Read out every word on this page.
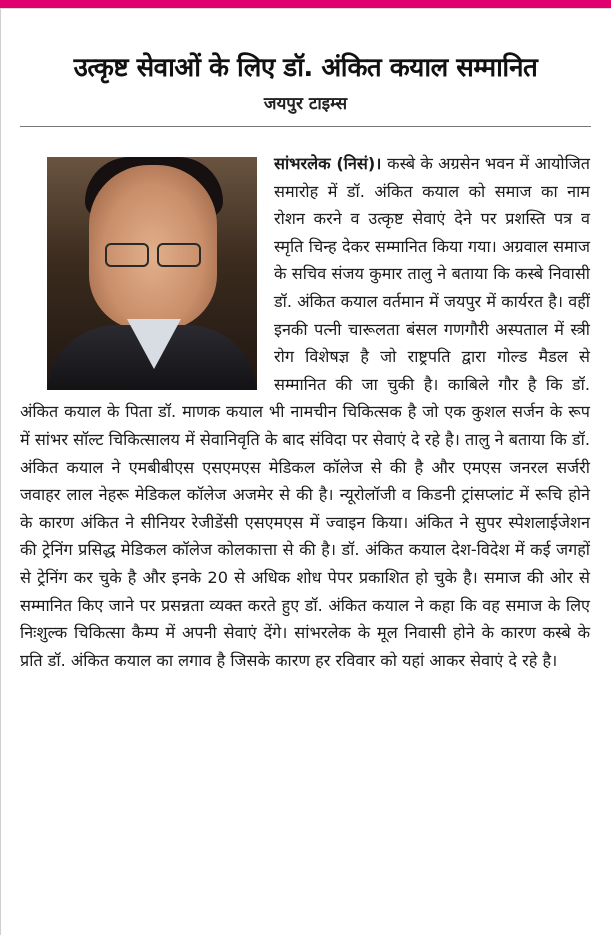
उत्कृष्ट सेवाओं के लिए डॉ. अंकित कयाल सम्मानित
जयपुर टाइम्स

सांभरलेक (निसं)। कस्बे के अग्रसेन भवन में आयोजित समारोह में डॉ. अंकित कयाल को समाज का नाम रोशन करने व उत्कृष्ट सेवाएं देने पर प्रशस्ति पत्र व स्मृति चिन्ह देकर सम्मानित किया गया। अग्रवाल समाज के सचिव संजय कुमार तालु ने बताया कि कस्बे निवासी डॉ. अंकित कयाल वर्तमान में जयपुर में कार्यरत है। वहीं इनकी पत्नी चारूलता बंसल गणगौरी अस्पताल में स्त्री रोग विशेषज्ञ है जो राष्ट्रपति द्वारा गोल्ड मैडल से सम्मानित की जा चुकी है। काबिले गौर है कि डॉ. अंकित कयाल के पिता डॉ. माणक कयाल भी नामचीन चिकित्सक है जो एक कुशल सर्जन के रूप में सांभर सॉल्ट चिकित्सालय में सेवानिवृति के बाद संविदा पर सेवाएं दे रहे है। तालु ने बताया कि डॉ. अंकित कयाल ने एमबीबीएस एसएमएस मेडिकल कॉलेज से की है और एमएस जनरल सर्जरी जवाहर लाल नेहरू मेडिकल कॉलेज अजमेर से की है। न्यूरोलॉजी व किडनी ट्रांसप्लांट में रूचि होने के कारण अंकित ने सीनियर रेजीडेंसी एसएमएस में ज्वाइन किया। अंकित ने सुपर स्पेशलाईजेशन की ट्रेनिंग प्रसिद्ध मेडिकल कॉलेज कोलकात्ता से की है। डॉ. अंकित कयाल देश-विदेश में कई जगहों से ट्रेनिंग कर चुके है और इनके 20 से अधिक शोध पेपर प्रकाशित हो चुके है। समाज की ओर से सम्मानित किए जाने पर प्रसन्नता व्यक्त करते हुए डॉ. अंकित कयाल ने कहा कि वह समाज के लिए निःशुल्क चिकित्सा कैम्प में अपनी सेवाएं देंगे। सांभरलेक के मूल निवासी होने के कारण कस्बे के प्रति डॉ. अंकित कयाल का लगाव है जिसके कारण हर रविवार को यहां आकर सेवाएं दे रहे है।
